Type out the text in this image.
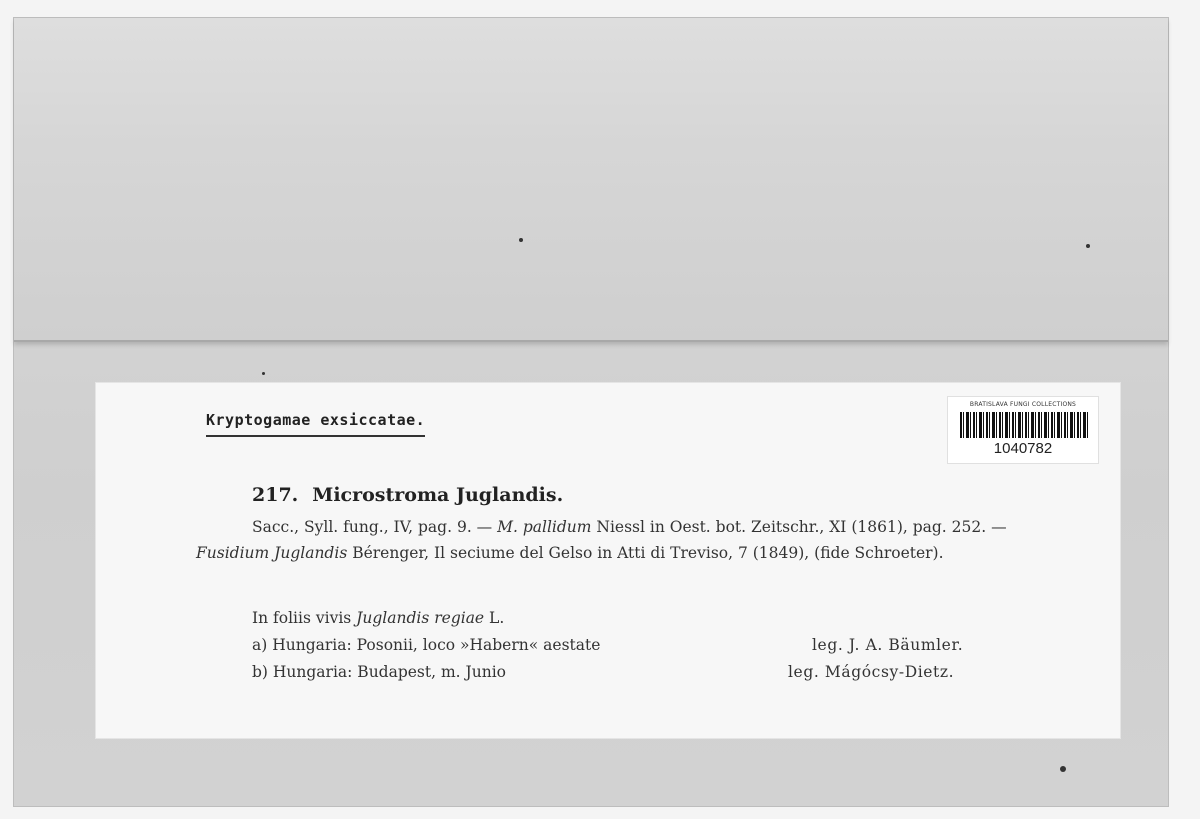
Kryptogamae exsiccatae.
BRATISLAVA FUNGI COLLECTIONS
1040782
217. Microstroma Juglandis.
Sacc., Syll. fung., IV, pag. 9. — M. pallidum Niessl in Oest. bot. Zeitschr., XI (1861), pag. 252. — Fusidium Juglandis Bérenger, Il seciume del Gelso in Atti di Treviso, 7 (1849), (fide Schroeter).
In foliis vivis Juglandis regiae L.
a) Hungaria: Posonii, loco »Habern« aestate	leg. J. A. Bäumler.
b) Hungaria: Budapest, m. Junio	leg. Mágócsy-Dietz.
